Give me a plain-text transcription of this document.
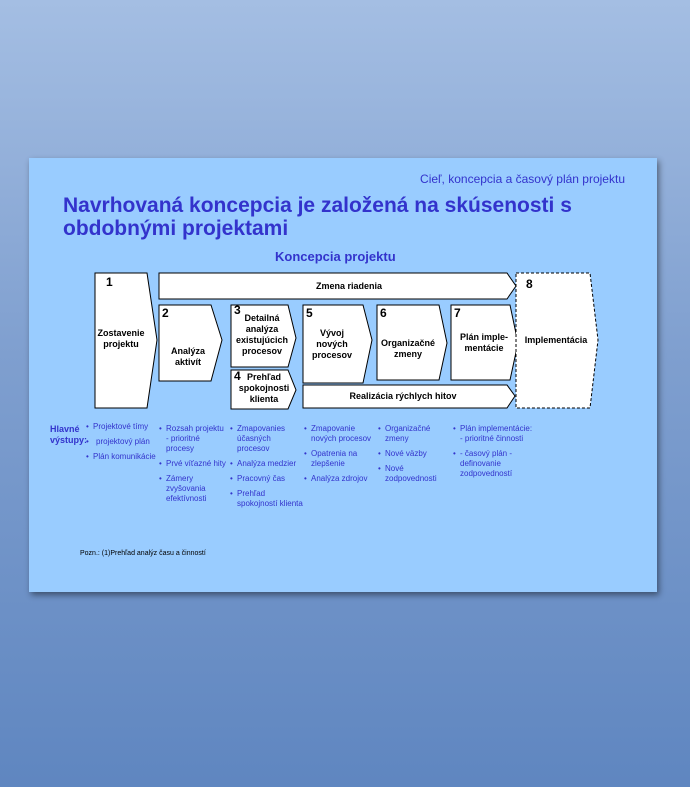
Cieľ, koncepcia a časový plán projektu
Navrhovaná koncepcia je založená na skúsenosti s obdobnými projektami
Koncepcia projektu
1
Zostavenie projektu
Zmena riadenia
2
Analýza aktivít
3
Detailná analýza existujúcich procesov
4 Prehľad spokojnosti klienta
5
Vývoj nových procesov
6
Organizačné zmeny
7
Plán imple-mentácie
Realizácia rýchlych hitov
8
Implementácia
Hlavné výstupy:
• Projektové tímy
• projektový plán
• Plán komunikácie
• Rozsah projektu - prioritné procesy
• Prvé víťazné hity
• Zámery zvyšovania efektívnosti
• Zmapovanies účasných procesov
• Analýza medzier
• Pracovný čas
• Prehľad spokojností klienta
• Zmapovanie nových procesov
• Opatrenia na zlepšenie
• Analýza zdrojov
• Organizačné zmeny
• Nové väzby
• Nové zodpovednosti
• Plán implementácie: - prioritné činnosti
• - časový plán - definovanie zodpovedností
Pozn.: (1)Prehľad analýz času a činností
